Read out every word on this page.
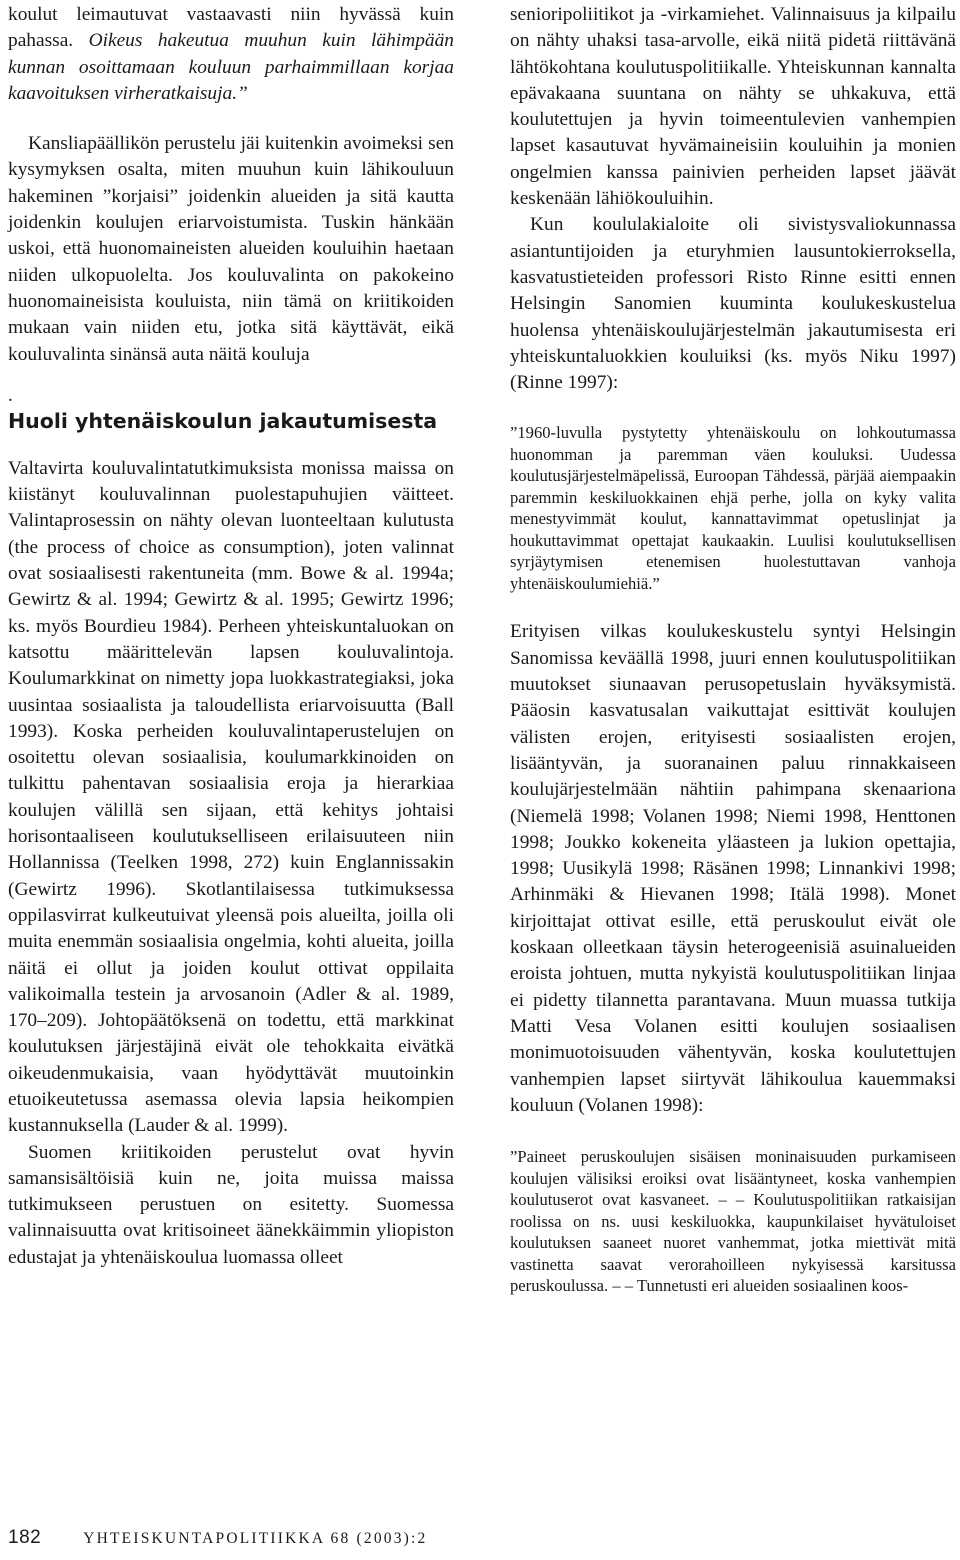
koulut leimautuvat vastaavasti niin hyvässä kuin pahassa. Oikeus hakeutua muuhun kuin lähimpään kunnan osoittamaan kouluun parhaimmillaan korjaa kaavoituksen virheratkaisuja.”

Kansliapäällikön perustelu jäi kuitenkin avoimeksi sen kysymyksen osalta, miten muuhun kuin lähikouluun hakeminen ”korjaisi” joidenkin alueiden ja sitä kautta joidenkin koulujen eriarvoistumista. Tuskin hänkään uskoi, että huonomaineisten alueiden kouluihin haetaan niiden ulkopuolelta. Jos kouluvalinta on pakokeino huonomaineisista kouluista, niin tämä on kriitikoiden mukaan vain niiden etu, jotka sitä käyttävät, eikä kouluvalinta sinänsä auta näitä kouluja

.
Huoli yhtenäiskoulun jakautumisesta

Valtavirta kouluvalintatutkimuksista monissa maissa on kiistänyt kouluvalinnan puolestapuhujien väitteet. Valintaprosessin on nähty olevan luonteeltaan kulutusta (the process of choice as consumption), joten valinnat ovat sosiaalisesti rakentuneita (mm. Bowe & al. 1994a; Gewirtz & al. 1994; Gewirtz & al. 1995; Gewirtz 1996; ks. myös Bourdieu 1984). Perheen yhteiskuntaluokan on katsottu määrittelevän lapsen kouluvalintoja. Koulumarkkinat on nimetty jopa luokkastrategiaksi, joka uusintaa sosiaalista ja taloudellista eriarvoisuutta (Ball 1993). Koska perheiden kouluvalintaperustelujen on osoitettu olevan sosiaalisia, koulumarkkinoiden on tulkittu pahentavan sosiaalisia eroja ja hierarkiaa koulujen välillä sen sijaan, että kehitys johtaisi horisontaaliseen koulutukselliseen erilaisuuteen niin Hollannissa (Teelken 1998, 272) kuin Englannissakin (Gewirtz 1996). Skotlantilaisessa tutkimuksessa oppilasvirrat kulkeutuivat yleensä pois alueilta, joilla oli muita enemmän sosiaalisia ongelmia, kohti alueita, joilla näitä ei ollut ja joiden koulut ottivat oppilaita valikoimalla testein ja arvosanoin (Adler & al. 1989, 170–209). Johtopäätöksenä on todettu, että markkinat koulutuksen järjestäjinä eivät ole tehokkaita eivätkä oikeudenmukaisia, vaan hyödyttävät muutoinkin etuoikeutetussa asemassa olevia lapsia heikompien kustannuksella (Lauder & al. 1999).

Suomen kriitikoiden perustelut ovat hyvin samansisältöisiä kuin ne, joita muissa maissa tutkimukseen perustuen on esitetty. Suomessa valinnaisuutta ovat kritisoineet äänekkäimmin yliopiston edustajat ja yhtenäiskoulua luomassa olleet

senioripoliitikot ja -virkamiehet. Valinnaisuus ja kilpailu on nähty uhaksi tasa-arvolle, eikä niitä pidetä riittävänä lähtökohtana koulutuspolitiikalle. Yhteiskunnan kannalta epävakaana suuntana on nähty se uhkakuva, että koulutettujen ja hyvin toimeentulevien vanhempien lapset kasautuvat hyvämaineisiin kouluihin ja monien ongelmien kanssa painivien perheiden lapset jäävät keskenään lähiökouluihin.

Kun koululakialoite oli sivistysvaliokunnassa asiantuntijoiden ja eturyhmien lausuntokierroksella, kasvatustieteiden professori Risto Rinne esitti ennen Helsingin Sanomien kuuminta koulukeskustelua huolensa yhtenäiskoulujärjestelmän jakautumisesta eri yhteiskuntaluokkien kouluiksi (ks. myös Niku 1997) (Rinne 1997):

”1960-luvulla pystytetty yhtenäiskoulu on lohkoutumassa huonomman ja paremman väen kouluksi. Uudessa koulutusjärjestelmäpelissä, Euroopan Tähdessä, pärjää aiempaakin paremmin keskiluokkainen ehjä perhe, jolla on kyky valita menestyvimmät koulut, kannattavimmat opetuslinjat ja houkuttavimmat opettajat kaukaakin. Luulisi koulutuksellisen syrjäytymisen etenemisen huolestuttavan vanhoja yhtenäiskoulumiehiä.”

Erityisen vilkas koulukeskustelu syntyi Helsingin Sanomissa keväällä 1998, juuri ennen koulutuspolitiikan muutokset siunaavan perusopetuslain hyväksymistä. Pääosin kasvatusalan vaikuttajat esittivät koulujen välisten erojen, erityisesti sosiaalisten erojen, lisääntyvän, ja suoranainen paluu rinnakkaiseen koulujärjestelmään nähtiin pahimpana skenaariona (Niemelä 1998; Volanen 1998; Niemi 1998, Henttonen 1998; Joukko kokeneita yläasteen ja lukion opettajia, 1998; Uusikylä 1998; Räsänen 1998; Linnankivi 1998; Arhinmäki & Hievanen 1998; Itälä 1998). Monet kirjoittajat ottivat esille, että peruskoulut eivät ole koskaan olleetkaan täysin heterogeenisiä asuinalueiden eroista johtuen, mutta nykyistä koulutuspolitiikan linjaa ei pidetty tilannetta parantavana. Muun muassa tutkija Matti Vesa Volanen esitti koulujen sosiaalisen monimuotoisuuden vähentyvän, koska koulutettujen vanhempien lapset siirtyvät lähikoulua kauemmaksi kouluun (Volanen 1998):

”Paineet peruskoulujen sisäisen moninaisuuden purkamiseen koulujen välisiksi eroiksi ovat lisääntyneet, koska vanhempien koulutuserot ovat kasvaneet. – – Koulutuspolitiikan ratkaisijan roolissa on ns. uusi keskiluokka, kaupunkilaiset hyvätuloiset koulutuksen saaneet nuoret vanhemmat, jotka miettivät mitä vastinetta saavat verorahoilleen nykyisessä karsitussa peruskoulussa. – – Tunnetusti eri alueiden sosiaalinen koos-
182	YHTEISKUNTAPOLITIIKKA 68 (2003):2
